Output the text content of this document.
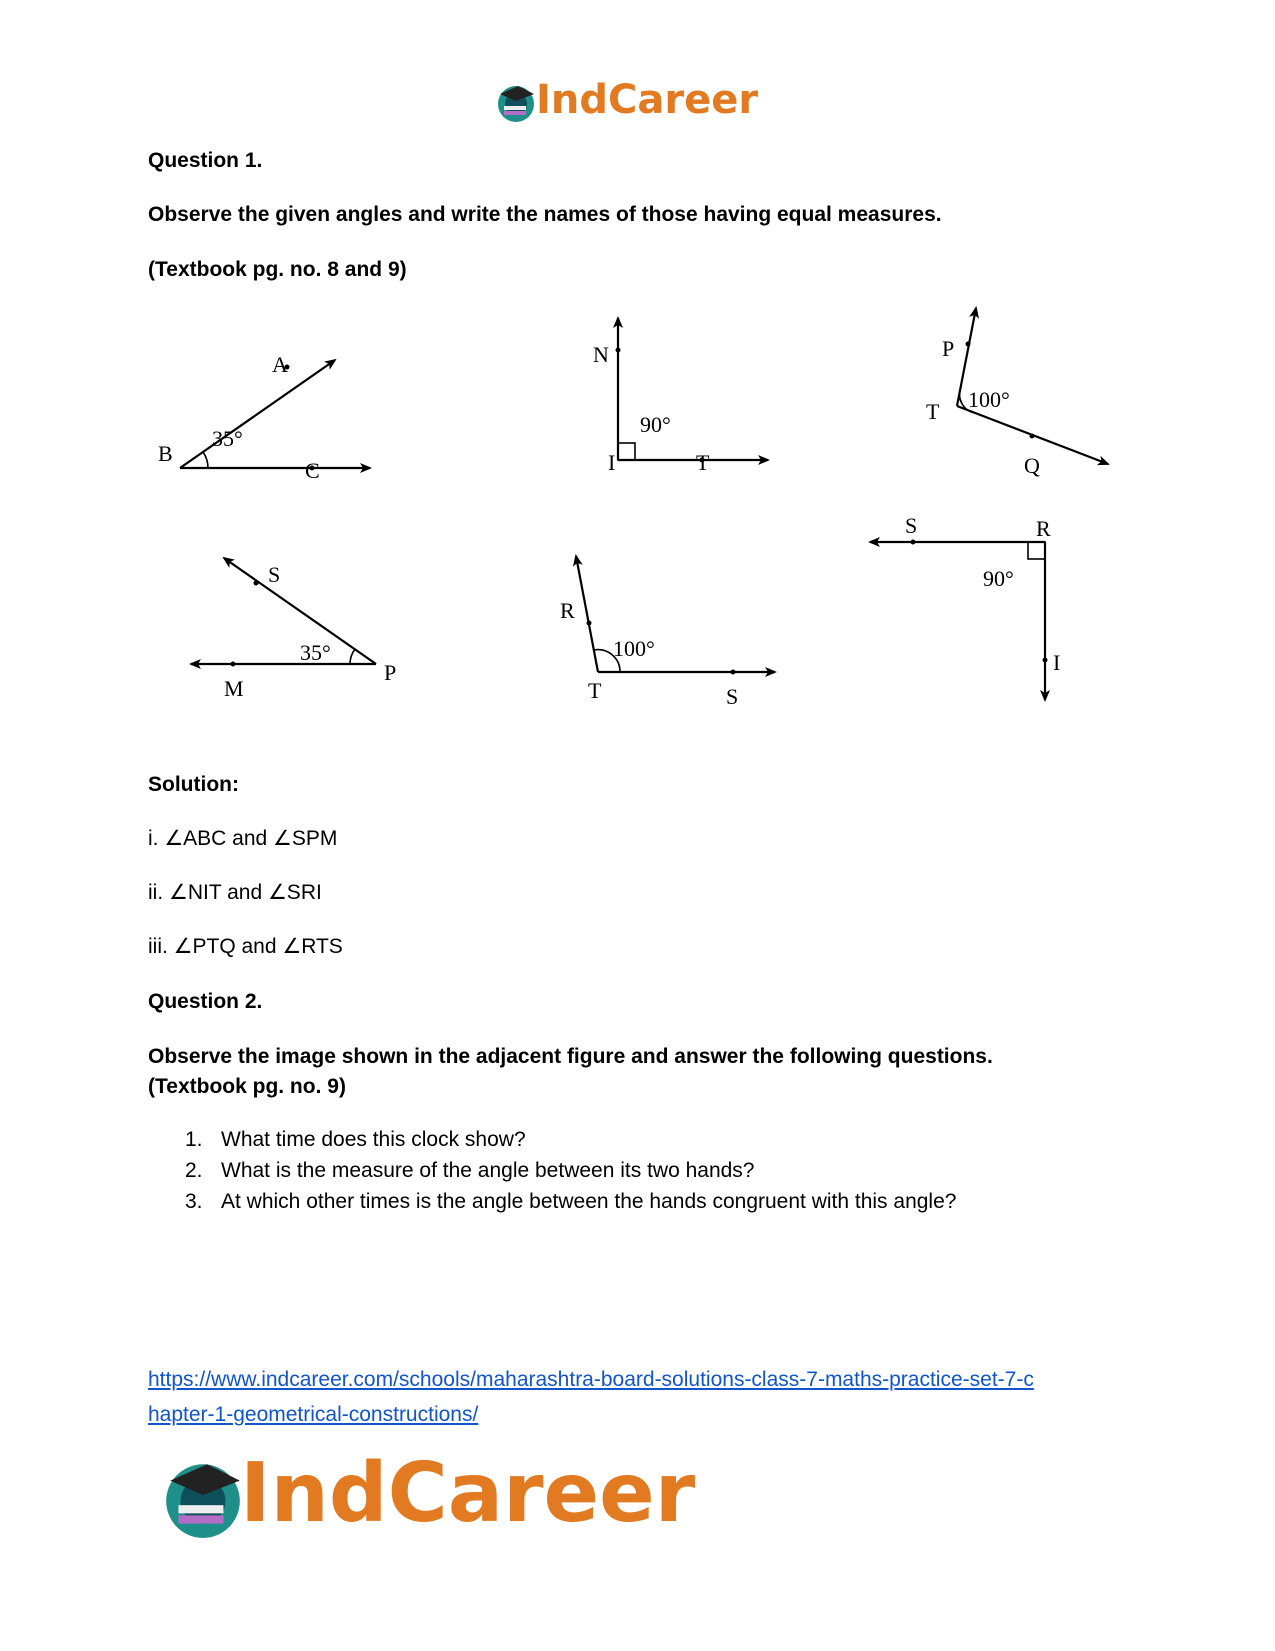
IndCareer
Question 1.
Observe the given angles and write the names of those having equal measures.
(Textbook pg. no. 8 and 9)
A
B
C
35°
N
I	T
90°
P
T
Q
100°
S
M
P
35°
R
T	S
100°
S	R
I
90°
Solution:
i. ∠ABC and ∠SPM
ii. ∠NIT and ∠SRI
iii. ∠PTQ and ∠RTS
Question 2.
Observe the image shown in the adjacent figure and answer the following questions.
(Textbook pg. no. 9)
1. What time does this clock show?
2. What is the measure of the angle between its two hands?
3. At which other times is the angle between the hands congruent with this angle?
https://www.indcareer.com/schools/maharashtra-board-solutions-class-7-maths-practice-set-7-c
hapter-1-geometrical-constructions/
IndCareer
